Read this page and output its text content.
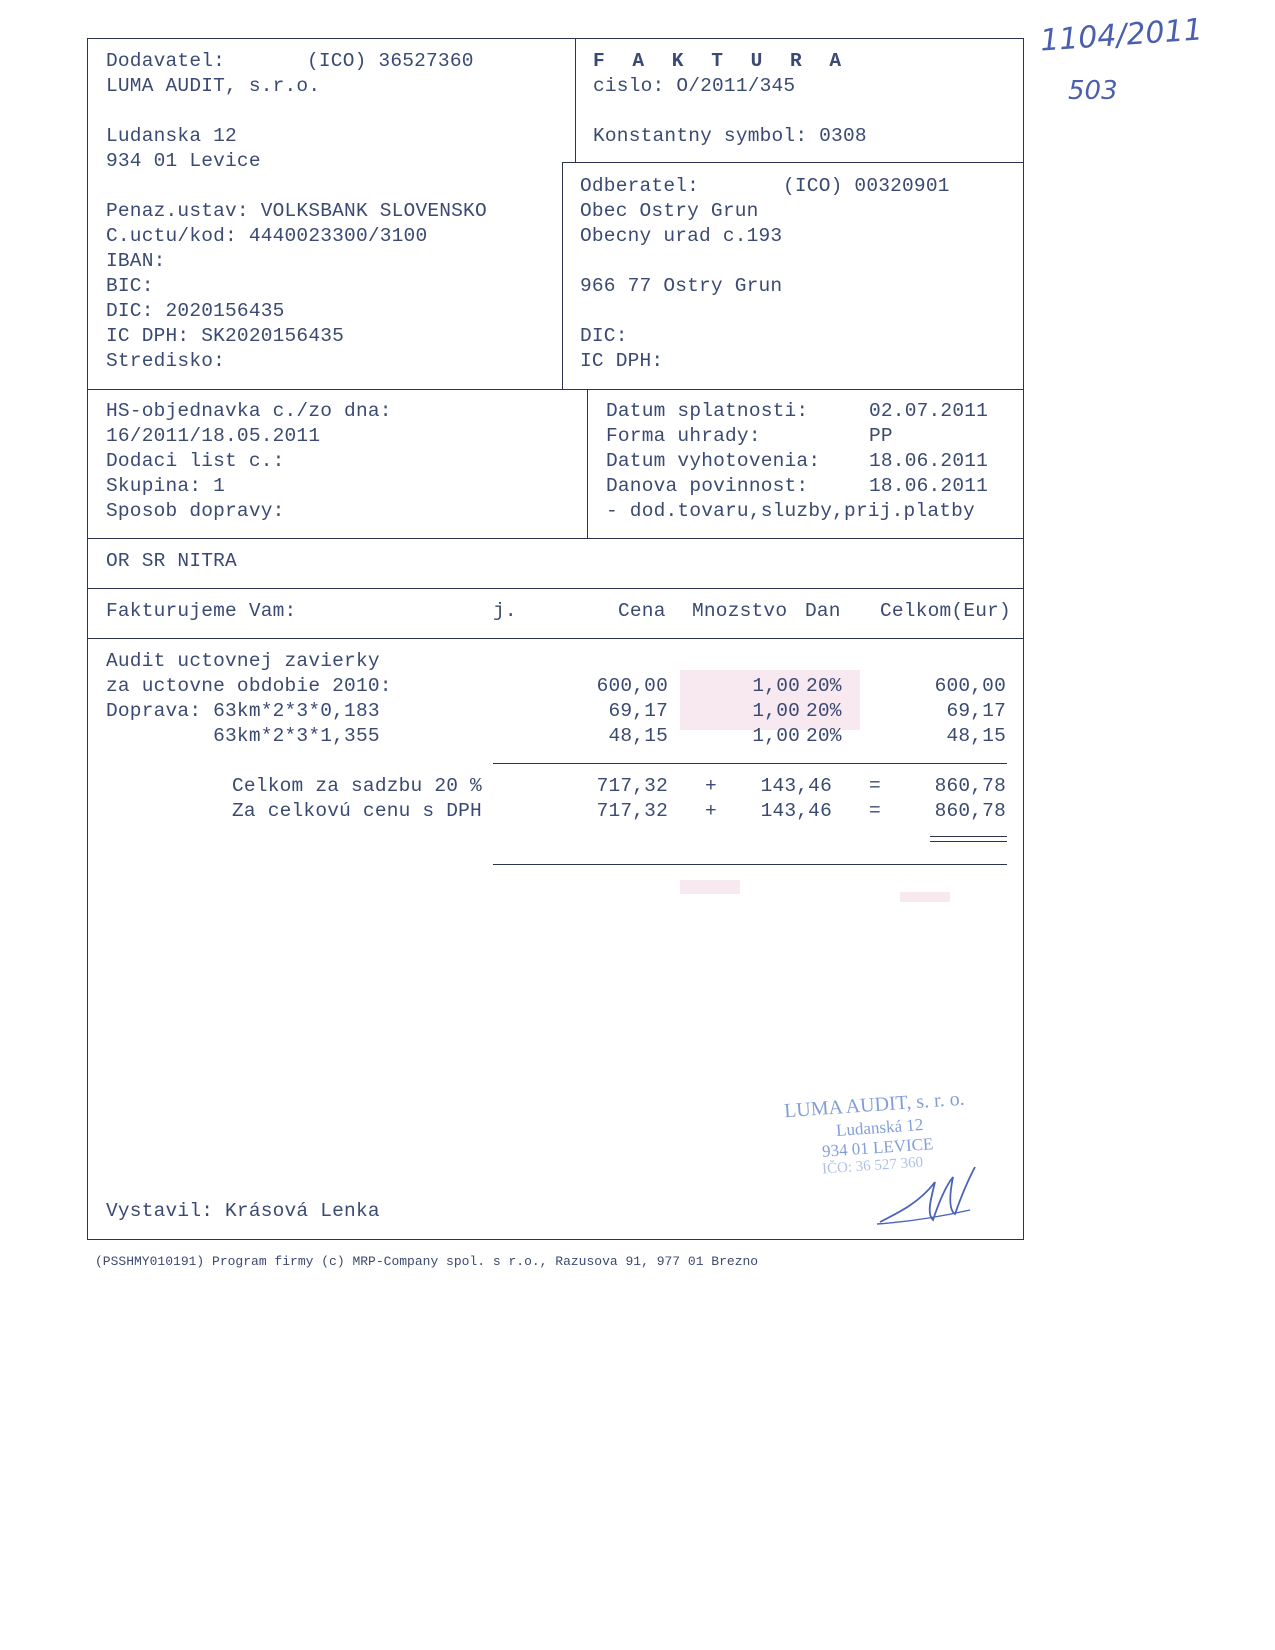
1104/2011
503
Dodavatel:	(ICO) 36527360
LUMA AUDIT, s.r.o.
Ludanska 12
934 01 Levice
Penaz.ustav: VOLKSBANK SLOVENSKO
C.uctu/kod: 4440023300/3100
IBAN:
BIC:
DIC: 2020156435
IC DPH: SK2020156435
Stredisko:
F A K T U R A
cislo: O/2011/345
Konstantny symbol: 0308
Odberatel:	(ICO) 00320901
Obec Ostry Grun
Obecny urad c.193
966 77 Ostry Grun
DIC:
IC DPH:
HS-objednavka c./zo dna:
16/2011/18.05.2011
Dodaci list c.:
Skupina: 1
Sposob dopravy:
Datum splatnosti:	02.07.2011
Forma uhrady:	PP
Datum vyhotovenia:	18.06.2011
Danova povinnost:	18.06.2011
- dod.tovaru,sluzby,prij.platby
OR SR NITRA
Fakturujeme Vam:	j.	Cena Mnozstvo Dan Celkom(Eur)
Audit uctovnej zavierky
za uctovne obdobie 2010:	600,00	1,00 20%	600,00
Doprava: 63km*2*3*0,183	69,17	1,00 20%	69,17
63km*2*3*1,355	48,15	1,00 20%	48,15
Celkom za sadzbu 20 %	717,32 +	143,46 =	860,78
Za celkovú cenu s DPH	717,32 +	143,46 =	860,78
LUMA AUDIT, s. r. o.
Ludanská 12
934 01 LEVICE
IČO: 36 527 360
Vystavil: Krásová Lenka
(PSSHMY010191) Program firmy (c) MRP-Company spol. s r.o., Razusova 91, 977 01 Brezno
